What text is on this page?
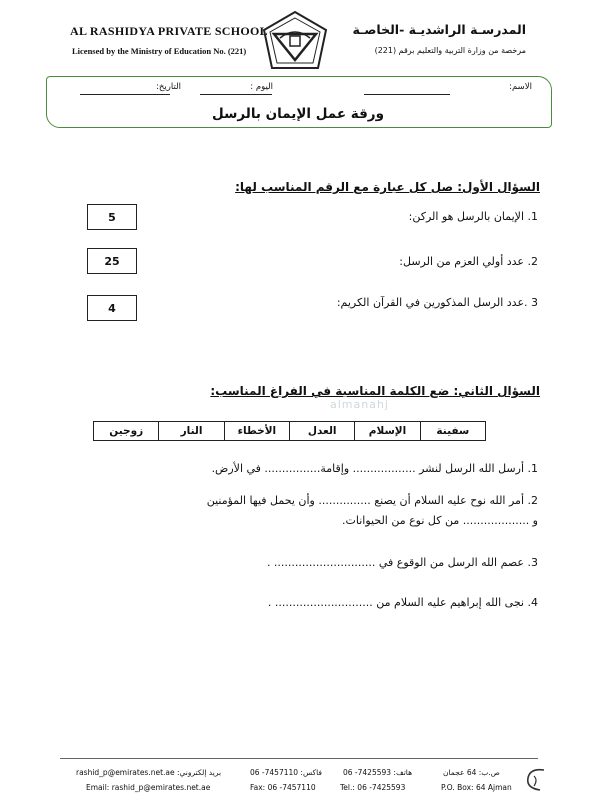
AL RASHIDYA PRIVATE SCHOOL
Licensed by the Ministry of Education No. (221)
المدرسـة الراشديـة -الخاصـة
مرخصة من وزارة التربية والتعليم برقم (221)
الاسم:
اليوم :
التاريخ:
ورقة عمل الإيمان بالرسل
السؤال الأول: صل كل عبارة مع الرقم المناسب لها:
1. الإيمان بالرسل هو الركن:
5
2. عدد أولي العزم من الرسل:
25
3 .عدد الرسل المذكورين في القرآن الكريم:
4
almanahj
السؤال الثاني: ضع الكلمة المناسبة في الفراغ المناسب:
سفينة
الإسلام
العدل
الأخطاء
النار
زوجين
1. أرسل الله الرسل لنشر .................. وإقامة................ في الأرض.
2. أمر الله نوح عليه السلام أن يصنع ............... وأن يحمل فيها المؤمنين
و ................... من كل نوع من الحيوانات.
3. عصم الله الرسل من الوقوع في ............................. .
4. نجى الله إبراهيم عليه السلام من ............................ .
ص.ب: 64 عجمان
هاتف: 7425593- 06
فاكس: 7457110- 06
بريد إلكتروني: rashid_p@emirates.net.ae
P.O. Box: 64 Ajman
Tel.: 06 -7425593
Fax: 06 -7457110
Email: rashid_p@emirates.net.ae
